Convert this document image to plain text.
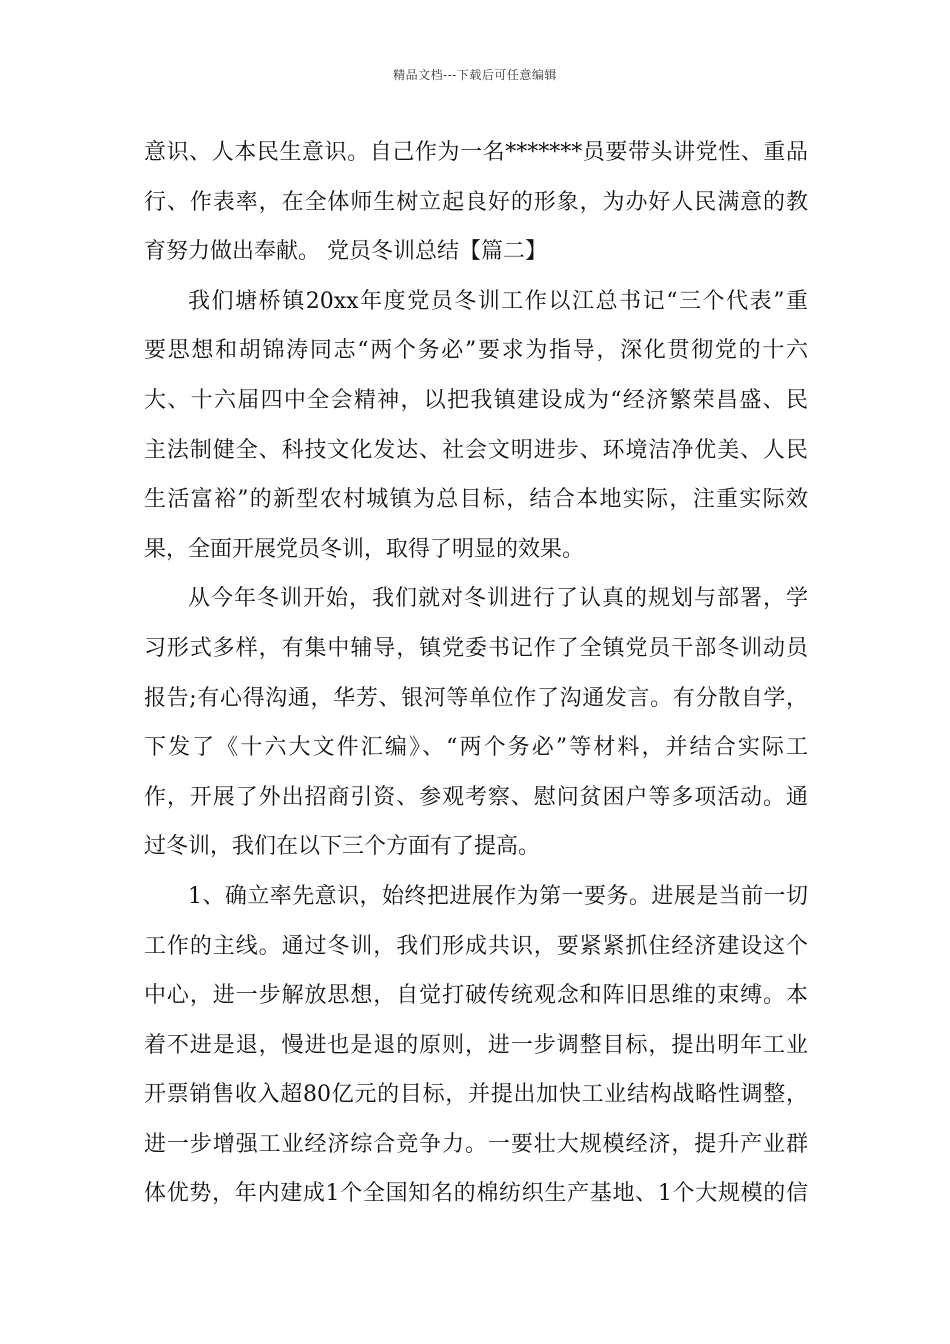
精品文档---下载后可任意编辑
意识、人本民生意识。自己作为一名*******员要带头讲党性、重品
行、作表率，在全体师生树立起良好的形象，为办好人民满意的教
育努力做出奉献。 党员冬训总结【篇二】
我们塘桥镇20xx年度党员冬训工作以江总书记“三个代表”重
要思想和胡锦涛同志“两个务必”要求为指导，深化贯彻党的十六
大、十六届四中全会精神，以把我镇建设成为“经济繁荣昌盛、民
主法制健全、科技文化发达、社会文明进步、环境洁净优美、人民
生活富裕”的新型农村城镇为总目标，结合本地实际，注重实际效
果，全面开展党员冬训，取得了明显的效果。
从今年冬训开始，我们就对冬训进行了认真的规划与部署，学
习形式多样，有集中辅导，镇党委书记作了全镇党员干部冬训动员
报告;有心得沟通，华芳、银河等单位作了沟通发言。有分散自学，
下发了《十六大文件汇编》、“两个务必”等材料，并结合实际工
作，开展了外出招商引资、参观考察、慰问贫困户等多项活动。通
过冬训，我们在以下三个方面有了提高。
1、确立率先意识，始终把进展作为第一要务。进展是当前一切
工作的主线。通过冬训，我们形成共识，要紧紧抓住经济建设这个
中心，进一步解放思想，自觉打破传统观念和阵旧思维的束缚。本
着不进是退，慢进也是退的原则，进一步调整目标，提出明年工业
开票销售收入超80亿元的目标，并提出加快工业结构战略性调整，
进一步增强工业经济综合竞争力。一要壮大规模经济，提升产业群
体优势，年内建成1个全国知名的棉纺织生产基地、1个大规模的信
